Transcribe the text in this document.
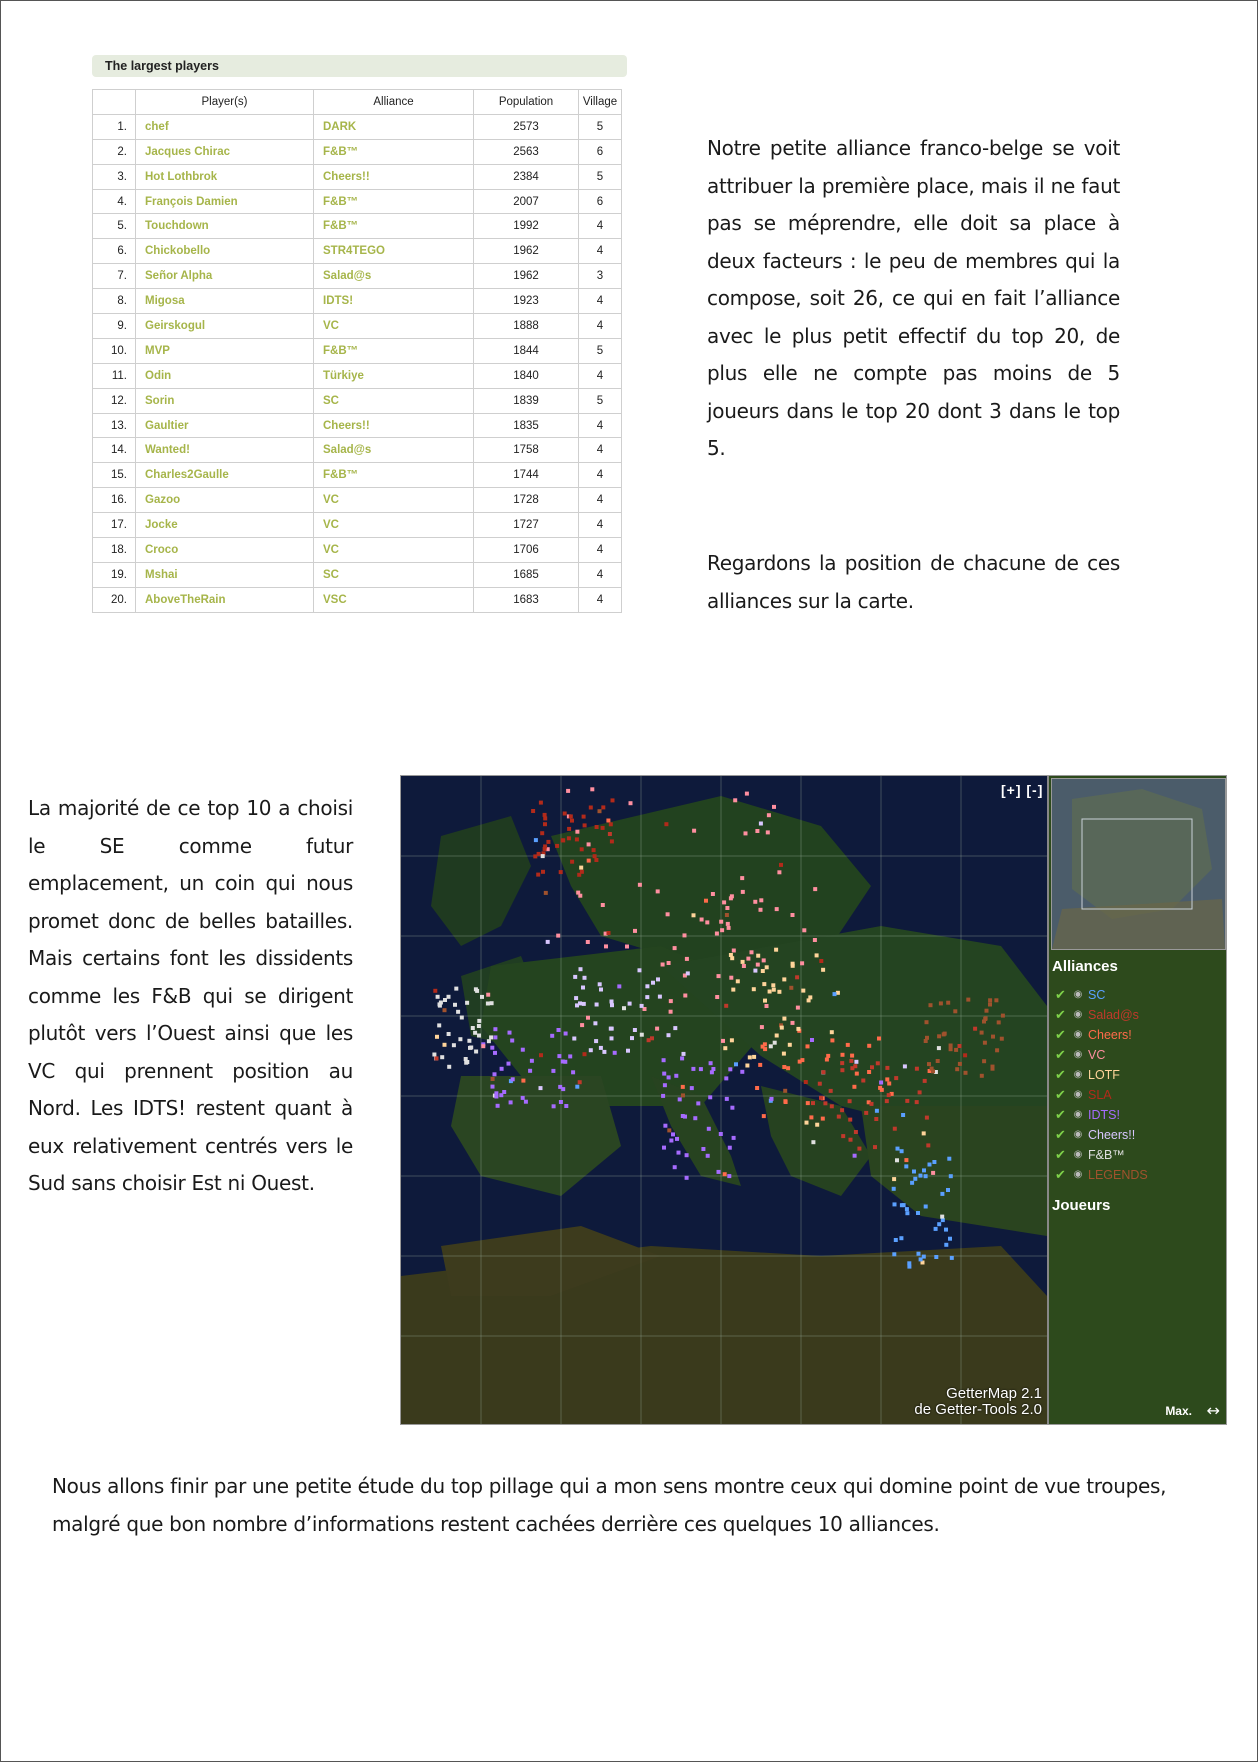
The largest players
	Player(s)	Alliance	Population	Village
1.	chef	DARK	2573	5
2.	Jacques Chirac	F&B™	2563	6
3.	Hot Lothbrok	Cheers!!	2384	5
4.	François Damien	F&B™	2007	6
5.	Touchdown	F&B™	1992	4
6.	Chickobello	STR4TEGO	1962	4
7.	Señor Alpha	Salad@s	1962	3
8.	Migosa	IDTS!	1923	4
9.	Geirskogul	VC	1888	4
10.	MVP	F&B™	1844	5
11.	Odin	Türkiye	1840	4
12.	Sorin	SC	1839	5
13.	Gaultier	Cheers!!	1835	4
14.	Wanted!	Salad@s	1758	4
15.	Charles2Gaulle	F&B™	1744	4
16.	Gazoo	VC	1728	4
17.	Jocke	VC	1727	4
18.	Croco	VC	1706	4
19.	Mshai	SC	1685	4
20.	AboveTheRain	VSC	1683	4
Notre petite alliance franco-belge se voit attribuer la première place, mais il ne faut pas se méprendre, elle doit sa place à deux facteurs : le peu de membres qui la compose, soit 26, ce qui en fait l’alliance avec le plus petit effectif du top 20, de plus elle ne compte pas moins de 5 joueurs dans le top 20 dont 3 dans le top 5.
Regardons la position de chacune de ces alliances sur la carte.
La majorité de ce top 10 a choisi le SE comme futur emplacement, un coin qui nous promet donc de belles batailles. Mais certains font les dissidents comme les F&B qui se dirigent plutôt vers l’Ouest ainsi que les VC qui prennent position au Nord. Les IDTS! restent quant à eux relativement centrés vers le Sud sans choisir Est ni Ouest.
Nous allons finir par une petite étude du top pillage qui a mon sens montre ceux qui domine point de vue troupes, malgré que bon nombre d’informations restent cachées derrière ces quelques 10 alliances.
[+] [-]
GetterMap 2.1
de Getter-Tools 2.0
Alliances
✔ ◉ SC
✔ ◉ Salad@s
✔ ◉ Cheers!
✔ ◉ VC
✔ ◉ LOTF
✔ ◉ SLA
✔ ◉ IDTS!
✔ ◉ Cheers!!
✔ ◉ F&B™
✔ ◉ LEGENDS
Joueurs
Max. ↔
